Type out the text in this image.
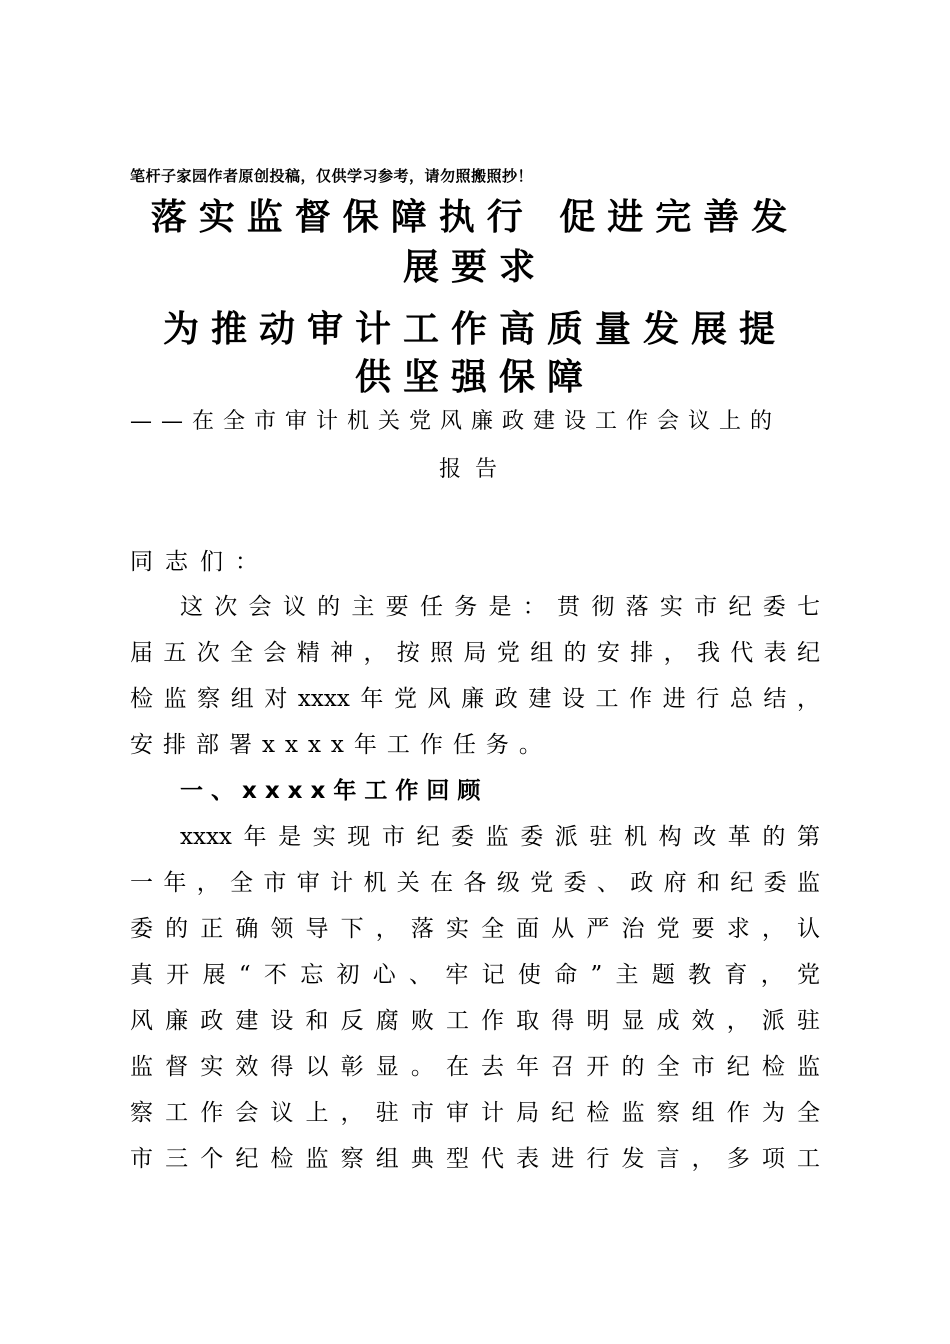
笔杆子家园作者原创投稿，仅供学习参考，请勿照搬照抄！
落实监督保障执行 促进完善发
展要求
为推动审计工作高质量发展提
供坚强保障
——在全市审计机关党风廉政建设工作会议上的
报告
同志们：
这次会议的主要任务是：贯彻落实市纪委七
届五次全会精神，按照局党组的安排，我代表纪
检监察组对xxxx年党风廉政建设工作进行总结，
安排部署xxxx年工作任务。
一、xxxx年工作回顾
xxxx年是实现市纪委监委派驻机构改革的第
一年，全市审计机关在各级党委、政府和纪委监
委的正确领导下，落实全面从严治党要求，认
真开展“不忘初心、牢记使命”主题教育，党
风廉政建设和反腐败工作取得明显成效，派驻
监督实效得以彰显。在去年召开的全市纪检监
察工作会议上，驻市审计局纪检监察组作为全
市三个纪检监察组典型代表进行发言，多项工
